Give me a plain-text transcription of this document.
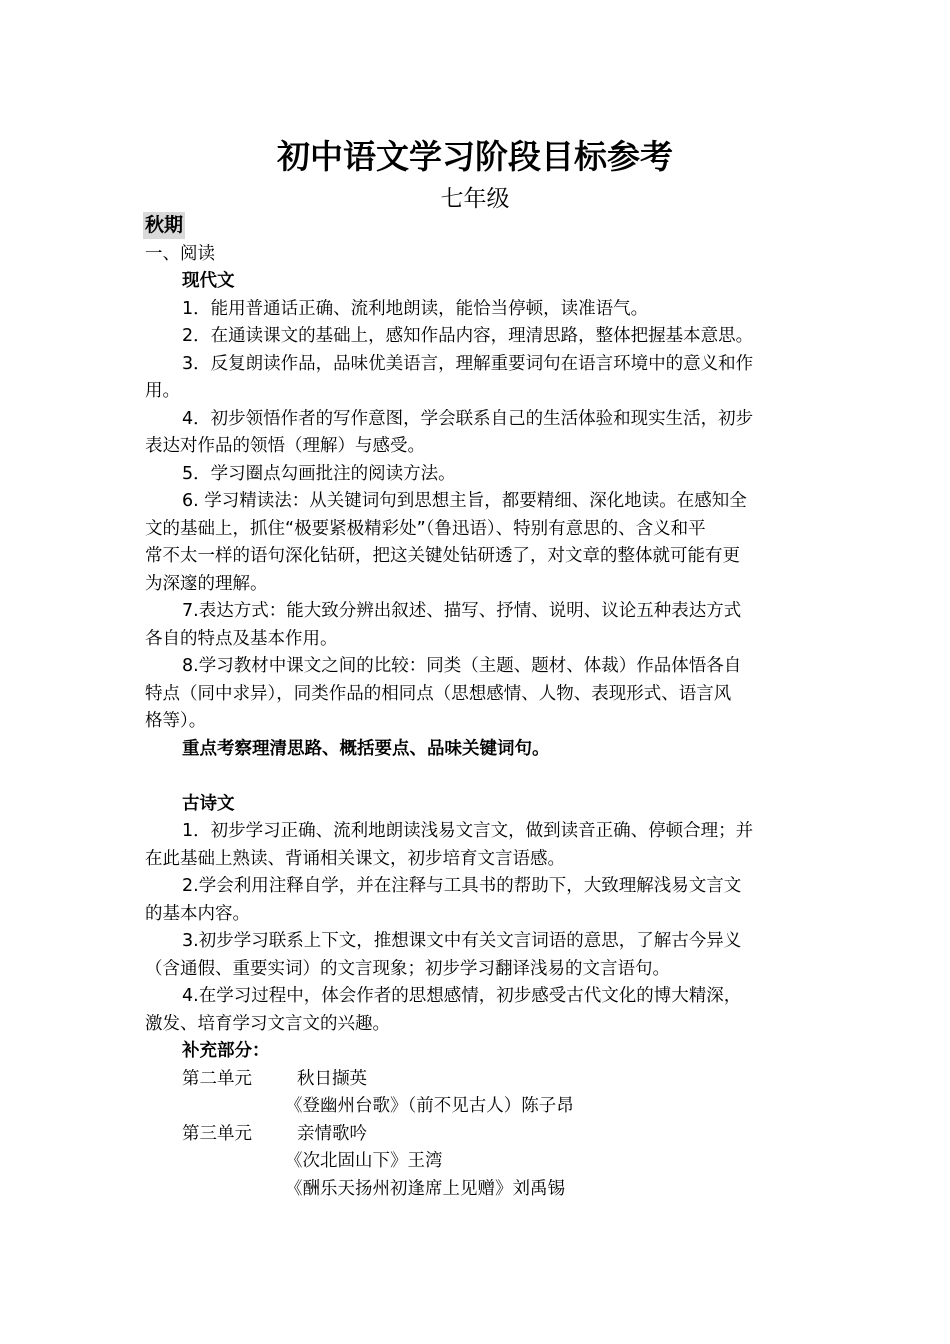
初中语文学习阶段目标参考
七年级
秋期
一、阅读
现代文
1．能用普通话正确、流利地朗读，能恰当停顿，读准语气。
2．在通读课文的基础上，感知作品内容，理清思路，整体把握基本意思。
3．反复朗读作品，品味优美语言，理解重要词句在语言环境中的意义和作
用。
4．初步领悟作者的写作意图，学会联系自己的生活体验和现实生活，初步
表达对作品的领悟（理解）与感受。
5．学习圈点勾画批注的阅读方法。
6. 学习精读法：从关键词句到思想主旨，都要精细、深化地读。在感知全
文的基础上，抓住“极要紧极精彩处”（鲁迅语）、特别有意思的、含义和平
常不太一样的语句深化钻研，把这关键处钻研透了，对文章的整体就可能有更
为深邃的理解。
7.表达方式：能大致分辨出叙述、描写、抒情、说明、议论五种表达方式
各自的特点及基本作用。
8.学习教材中课文之间的比较：同类（主题、题材、体裁）作品体悟各自
特点（同中求异），同类作品的相同点（思想感情、人物、表现形式、语言风
格等）。
重点考察理清思路、概括要点、品味关键词句。
古诗文
1．初步学习正确、流利地朗读浅易文言文，做到读音正确、停顿合理；并
在此基础上熟读、背诵相关课文，初步培育文言语感。
2.学会利用注释自学，并在注释与工具书的帮助下，大致理解浅易文言文
的基本内容。
3.初步学习联系上下文，推想课文中有关文言词语的意思，了解古今异义
（含通假、重要实词）的文言现象；初步学习翻译浅易的文言语句。
4.在学习过程中，体会作者的思想感情，初步感受古代文化的博大精深，
激发、培育学习文言文的兴趣。
补充部分：
第二单元	秋日撷英
《登幽州台歌》（前不见古人）陈子昂
第三单元	亲情歌吟
《次北固山下》王湾
《酬乐天扬州初逢席上见赠》刘禹锡
